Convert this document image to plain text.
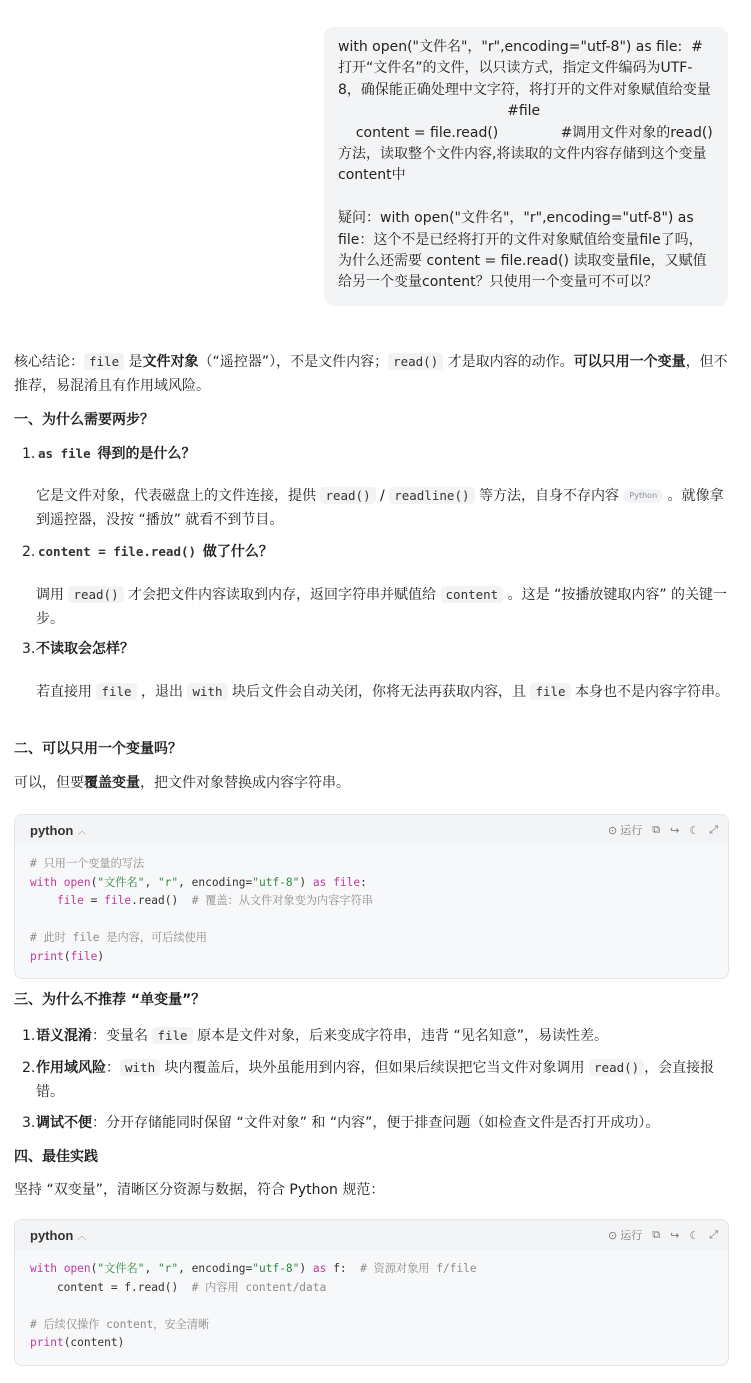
with open("文件名"，"r",encoding="utf-8") as file:  #打开“文件名”的文件，以只读方式，指定文件编码为UTF-8，确保能正确处理中文字符，将打开的文件对象赋值给变量

#file

content = file.read()              #调用文件对象的read()方法，读取整个文件内容,将读取的文件内容存储到这个变量content中

疑问：with open("文件名"，"r",encoding="utf-8") as file：这个不是已经将打开的文件对象赋值给变量file了吗，为什么还需要 content = file.read() 读取变量file，又赋值给另一个变量content？只使用一个变量可不可以？

核心结论： file 是文件对象（“遥控器”），不是文件内容； read() 才是取内容的动作。可以只用一个变量，但不推荐，易混淆且有作用域风险。
一、为什么需要两步？
1. as file 得到的是什么？
它是文件对象，代表磁盘上的文件连接，提供 read() / readline() 等方法，自身不存内容 Python 。就像拿到遥控器，没按 “播放” 就看不到节目。
2. content = file.read() 做了什么？
调用 read() 才会把文件内容读取到内存，返回字符串并赋值给 content 。这是 “按播放键取内容” 的关键一步。
3. 不读取会怎样？
若直接用 file ，退出 with 块后文件会自动关闭，你将无法再获取内容，且 file 本身也不是内容字符串。
二、可以只用一个变量吗？
可以，但要覆盖变量，把文件对象替换成内容字符串。
python ︿	⊙ 运行 ⧉ ↪ ☾ ⤢
# 只用一个变量的写法
with open("文件名", "r", encoding="utf-8") as file:
file = file.read()  # 覆盖：从文件对象变为内容字符串

# 此时 file 是内容，可后续使用
print(file)
三、为什么不推荐 “单变量”？
1. 语义混淆：变量名 file 原本是文件对象，后来变成字符串，违背 “见名知意”，易读性差。
2. 作用域风险： with 块内覆盖后，块外虽能用到内容，但如果后续误把它当文件对象调用 read() ，会直接报错。
3. 调试不便：分开存储能同时保留 “文件对象” 和 “内容”，便于排查问题（如检查文件是否打开成功）。
四、最佳实践
坚持 “双变量”，清晰区分资源与数据，符合 Python 规范：
python ︿	⊙ 运行 ⧉ ↪ ☾ ⤢
with open("文件名", "r", encoding="utf-8") as f:  # 资源对象用 f/file
content = f.read()  # 内容用 content/data

# 后续仅操作 content，安全清晰
print(content)
